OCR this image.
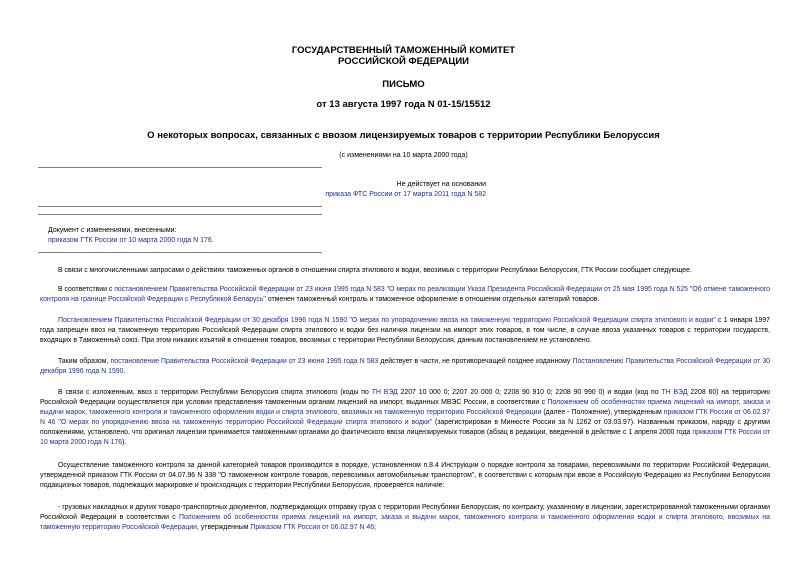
ГОСУДАРСТВЕННЫЙ ТАМОЖЕННЫЙ КОМИТЕТ
РОССИЙСКОЙ ФЕДЕРАЦИИ
ПИСЬМО
от 13 августа 1997 года N 01-15/15512
О некоторых вопросах, связанных с ввозом лицензируемых товаров с территории Республики Белоруссия
(с изменениями на 10 марта 2000 года)
Не действует на основании
приказа ФТС России от 17 марта 2011 года N 582
Документ с изменениями, внесенными:
приказом ГТК России от 10 марта 2000 года N 176.
В связи с многочисленными запросами о действиях таможенных органов в отношении спирта этилового и водки, ввозимых с территории Республики Белоруссия, ГТК России сообщает следующее.
В соответствии с постановлением Правительства Российской Федерации от 23 июня 1995 года N 583 "О мерах по реализации Указа Президента Российской Федерации от 25 мая 1995 года N 525 "Об отмене таможенного контроля на границе Российской Федерации с Республикой Беларусь" отменен таможенный контроль и таможенное оформление в отношении отдельных категорий товаров.
Постановлением Правительства Российской Федерации от 30 декабря 1996 года N 1590 "О мерах по упорядочению ввоза на таможенную территорию Российской Федерации спирта этилового и водки" с 1 января 1997 года запрещен ввоз на таможенную территорию Российской Федерации спирта этилового и водки без наличия лицензии на импорт этих товаров, в том числе, в случае ввоза указанных товаров с территории государств, входящих в Таможенный союз. При этом никаких изъятий в отношении товаров, ввозимых с территории Республики Белоруссия, данным постановлением не установлено.
Таким образом, постановление Правительства Российской Федерации от 23 июня 1995 года N 583 действует в части, не противоречащей позднее изданному Постановлению Правительства Российской Федерации от 30 декабря 1996 года N 1590.
В связи с изложенным, ввоз с территории Республики Белоруссия спирта этилового (коды по ТН ВЭД 2207 10 000 0; 2207 20 000 0; 2208 90 910 0; 2208 90 990 0) и водки (код по ТН ВЭД 2208 60) на территорию Российской Федерации осуществляется при условии представления таможенным органам лицензий на импорт, выданных МВЭС России, в соответствии с Положением об особенностях приема лицензий на импорт, заказа и выдачи марок, таможенного контроля и таможенного оформления водки и спирта этилового, ввозимых на таможенную территорию Российской Федерации (далее - Положение), утвержденным приказом ГТК России от 06.02.97 N 46 "О мерах по упорядочению ввоза на таможенную территорию Российской Федерации спирта этилового и водки" (зарегистрирован в Минюсте России за N 1262 от 03.03.97). Названным приказом, наряду с другими положениями, установлено, что оригинал лицензии принимается таможенными органами до фактического ввоза лицензируемых товаров (абзац в редакции, введенной в действие с 1 апреля 2000 года приказом ГТК России от 10 марта 2000 года N 176).
Осуществление таможенного контроля за данной категорией товаров производится в порядке, установленном п.8.4 Инструкции о порядке контроля за товарами, перевозимыми по территории Российской Федерации, утвержденной приказом ГТК России от 04.07.96 N 338 "О таможенном контроле товаров, перевозимых автомобильным транспортом", в соответствии с которым при ввозе в Российскую Федерацию из Республики Белоруссия подакцизных товаров, подлежащих маркировке и происходящих с территории Республики Белоруссия, проверяется наличие:
- грузовых накладных и других товаро-транспортных документов, подтверждающих отправку груза с территории Республики Белоруссия, по контракту, указанному в лицензии, зарегистрированной таможенными органами Российской Федерации в соответствии с Положением об особенностях приема лицензий на импорт, заказа и выдачи марок, таможенного контроля и таможенного оформления водки и спирта этилового, ввозимых на таможенную территорию Российской Федерации, утвержденным Приказом ГТК России от 06.02.97 N 46;
